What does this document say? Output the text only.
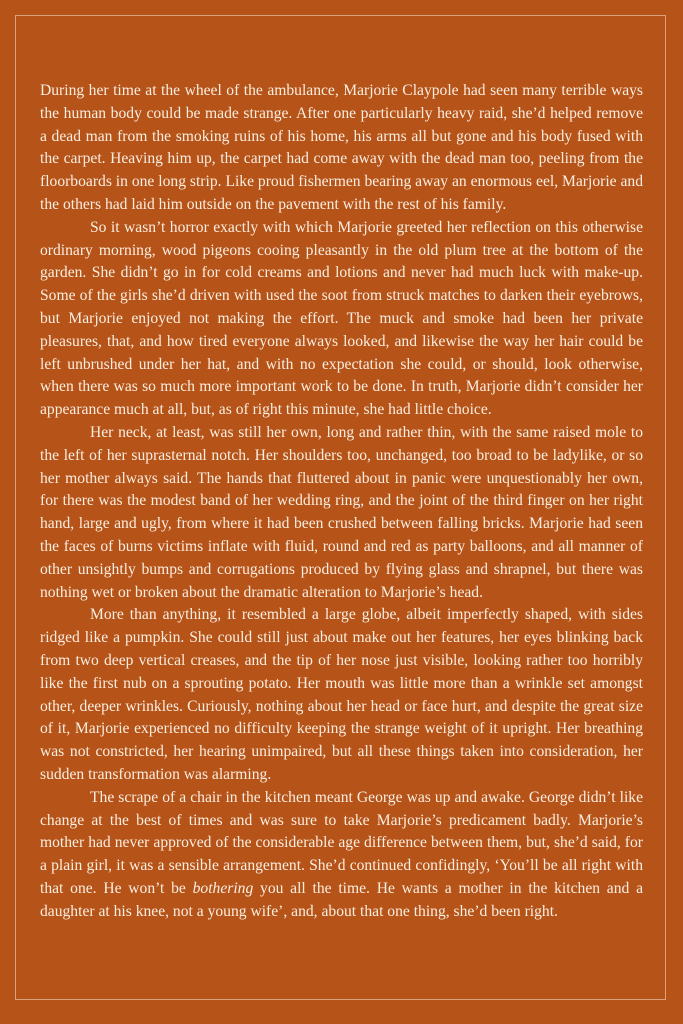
During her time at the wheel of the ambulance, Marjorie Claypole had seen many terrible ways the human body could be made strange. After one particularly heavy raid, she’d helped remove a dead man from the smoking ruins of his home, his arms all but gone and his body fused with the carpet. Heaving him up, the carpet had come away with the dead man too, peeling from the floorboards in one long strip. Like proud fishermen bearing away an enormous eel, Marjorie and the others had laid him outside on the pavement with the rest of his family.

So it wasn’t horror exactly with which Marjorie greeted her reflection on this otherwise ordinary morning, wood pigeons cooing pleasantly in the old plum tree at the bottom of the garden. She didn’t go in for cold creams and lotions and never had much luck with make-up. Some of the girls she’d driven with used the soot from struck matches to darken their eyebrows, but Marjorie enjoyed not making the effort. The muck and smoke had been her private pleasures, that, and how tired everyone always looked, and likewise the way her hair could be left unbrushed under her hat, and with no expectation she could, or should, look otherwise, when there was so much more important work to be done. In truth, Marjorie didn’t consider her appearance much at all, but, as of right this minute, she had little choice.

Her neck, at least, was still her own, long and rather thin, with the same raised mole to the left of her suprasternal notch. Her shoulders too, unchanged, too broad to be ladylike, or so her mother always said. The hands that fluttered about in panic were unquestionably her own, for there was the modest band of her wedding ring, and the joint of the third finger on her right hand, large and ugly, from where it had been crushed between falling bricks. Marjorie had seen the faces of burns victims inflate with fluid, round and red as party balloons, and all manner of other unsightly bumps and corrugations produced by flying glass and shrapnel, but there was nothing wet or broken about the dramatic alteration to Marjorie’s head.

More than anything, it resembled a large globe, albeit imperfectly shaped, with sides ridged like a pumpkin. She could still just about make out her features, her eyes blinking back from two deep vertical creases, and the tip of her nose just visible, looking rather too horribly like the first nub on a sprouting potato. Her mouth was little more than a wrinkle set amongst other, deeper wrinkles. Curiously, nothing about her head or face hurt, and despite the great size of it, Marjorie experienced no difficulty keeping the strange weight of it upright. Her breathing was not constricted, her hearing unimpaired, but all these things taken into consideration, her sudden transformation was alarming.

The scrape of a chair in the kitchen meant George was up and awake. George didn’t like change at the best of times and was sure to take Marjorie’s predicament badly. Marjorie’s mother had never approved of the considerable age difference between them, but, she’d said, for a plain girl, it was a sensible arrangement. She’d continued confidingly, ‘You’ll be all right with that one. He won’t be bothering you all the time. He wants a mother in the kitchen and a daughter at his knee, not a young wife’, and, about that one thing, she’d been right.
